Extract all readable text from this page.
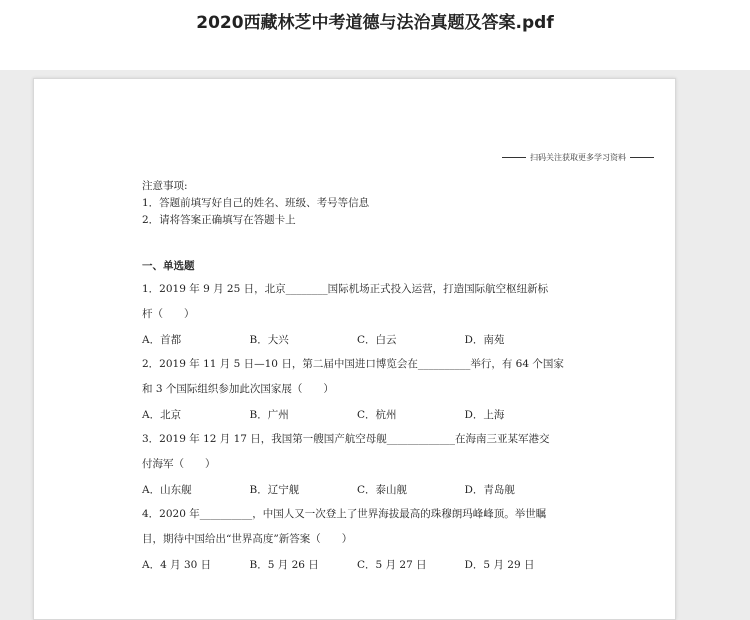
2020西藏林芝中考道德与法治真题及答案.pdf
扫码关注获取更多学习资料
注意事项:
1．答题前填写好自己的姓名、班级、考号等信息
2．请将答案正确填写在答题卡上
一、单选题
1．2019 年 9 月 25 日，北京________国际机场正式投入运营，打造国际航空枢纽新标
杆（　　）
A．首都	B．大兴	C．白云	D．南苑
2．2019 年 11 月 5 日—10 日，第二届中国进口博览会在__________举行，有 64 个国家
和 3 个国际组织参加此次国家展（　　）
A．北京	B．广州	C．杭州	D．上海
3．2019 年 12 月 17 日，我国第一艘国产航空母舰_____________在海南三亚某军港交
付海军（　　）
A．山东舰	B．辽宁舰	C．泰山舰	D．青岛舰
4．2020 年__________，中国人又一次登上了世界海拔最高的珠穆朗玛峰峰顶。举世瞩
目，期待中国给出“世界高度”新答案（　　）
A．4 月 30 日	B．5 月 26 日	C．5 月 27 日	D．5 月 29 日
